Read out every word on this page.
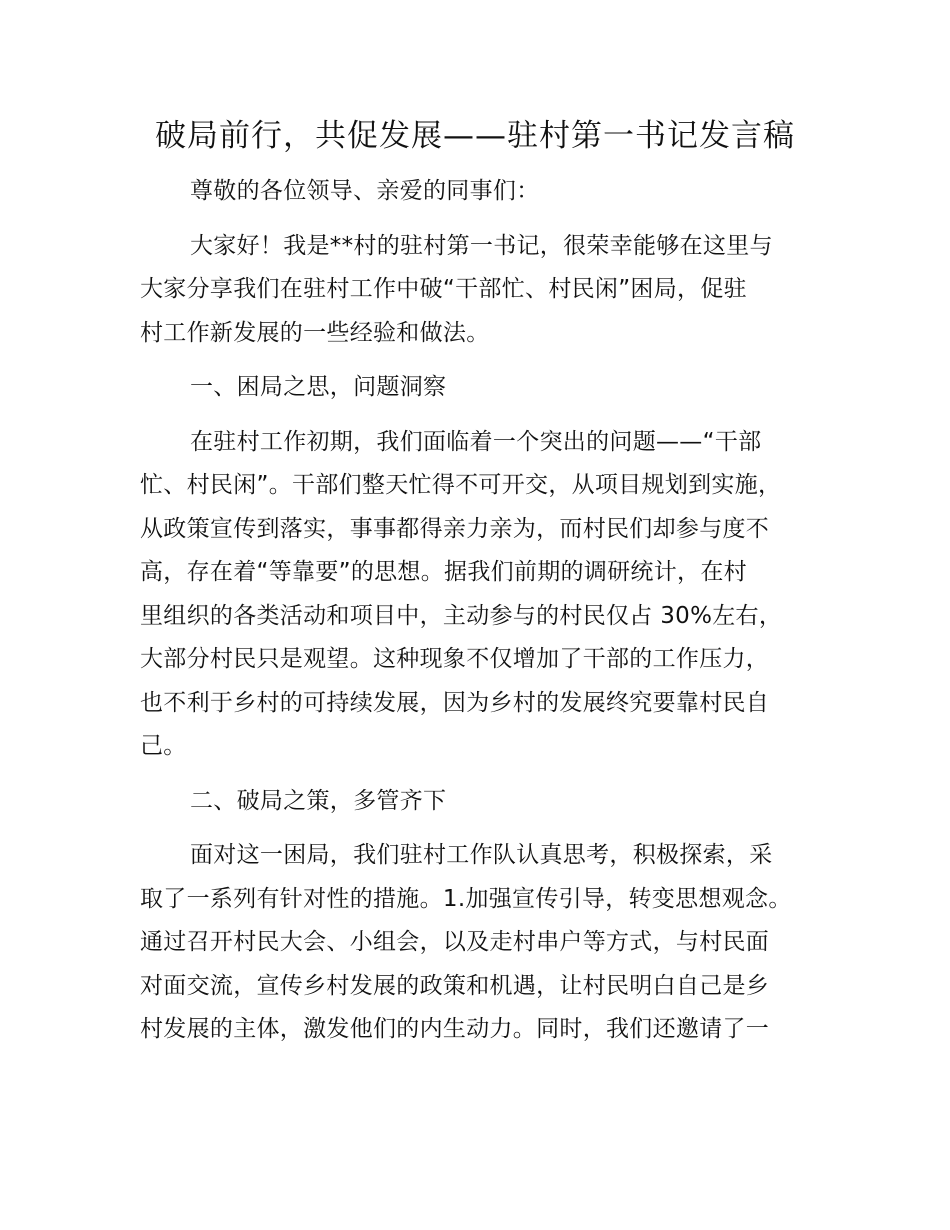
破局前行，共促发展——驻村第一书记发言稿

尊敬的各位领导、亲爱的同事们：

大家好！我是**村的驻村第一书记，很荣幸能够在这里与
大家分享我们在驻村工作中破“干部忙、村民闲”困局，促驻
村工作新发展的一些经验和做法。

一、困局之思，问题洞察

在驻村工作初期，我们面临着一个突出的问题——“干部
忙、村民闲”。干部们整天忙得不可开交，从项目规划到实施，
从政策宣传到落实，事事都得亲力亲为，而村民们却参与度不
高，存在着“等靠要”的思想。据我们前期的调研统计，在村
里组织的各类活动和项目中，主动参与的村民仅占 30%左右，
大部分村民只是观望。这种现象不仅增加了干部的工作压力，
也不利于乡村的可持续发展，因为乡村的发展终究要靠村民自
己。

二、破局之策，多管齐下

面对这一困局，我们驻村工作队认真思考，积极探索，采
取了一系列有针对性的措施。1.加强宣传引导，转变思想观念。
通过召开村民大会、小组会，以及走村串户等方式，与村民面
对面交流，宣传乡村发展的政策和机遇，让村民明白自己是乡
村发展的主体，激发他们的内生动力。同时，我们还邀请了一
